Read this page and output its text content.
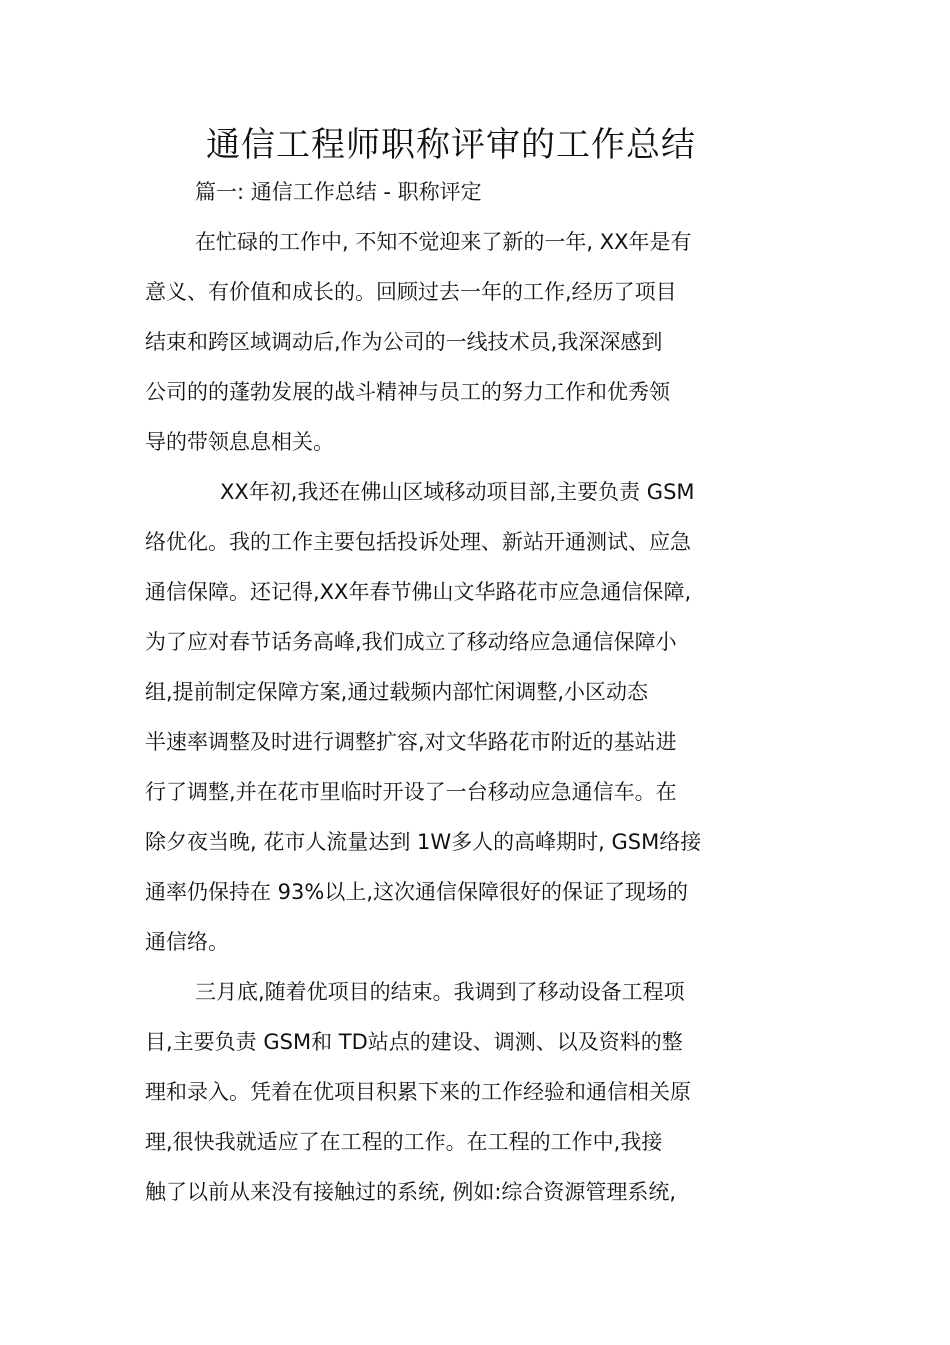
通信工程师职称评审的工作总结
篇一: 通信工作总结 - 职称评定
在忙碌的工作中, 不知不觉迎来了新的一年, XX年是有
意义、有价值和成长的。回顾过去一年的工作,经历了项目
结束和跨区域调动后,作为公司的一线技术员,我深深感到
公司的的蓬勃发展的战斗精神与员工的努力工作和优秀领
导的带领息息相关。
XX年初,我还在佛山区域移动项目部,主要负责 GSM
络优化。我的工作主要包括投诉处理、新站开通测试、应急
通信保障。还记得,XX年春节佛山文华路花市应急通信保障,
为了应对春节话务高峰,我们成立了移动络应急通信保障小
组,提前制定保障方案,通过载频内部忙闲调整,小区动态
半速率调整及时进行调整扩容,对文华路花市附近的基站进
行了调整,并在花市里临时开设了一台移动应急通信车。在
除夕夜当晚, 花市人流量达到 1W多人的高峰期时, GSM络接
通率仍保持在 93%以上,这次通信保障很好的保证了现场的
通信络。
三月底,随着优项目的结束。我调到了移动设备工程项
目,主要负责 GSM和 TD站点的建设、调测、以及资料的整
理和录入。凭着在优项目积累下来的工作经验和通信相关原
理,很快我就适应了在工程的工作。在工程的工作中,我接
触了以前从来没有接触过的系统, 例如:综合资源管理系统,
